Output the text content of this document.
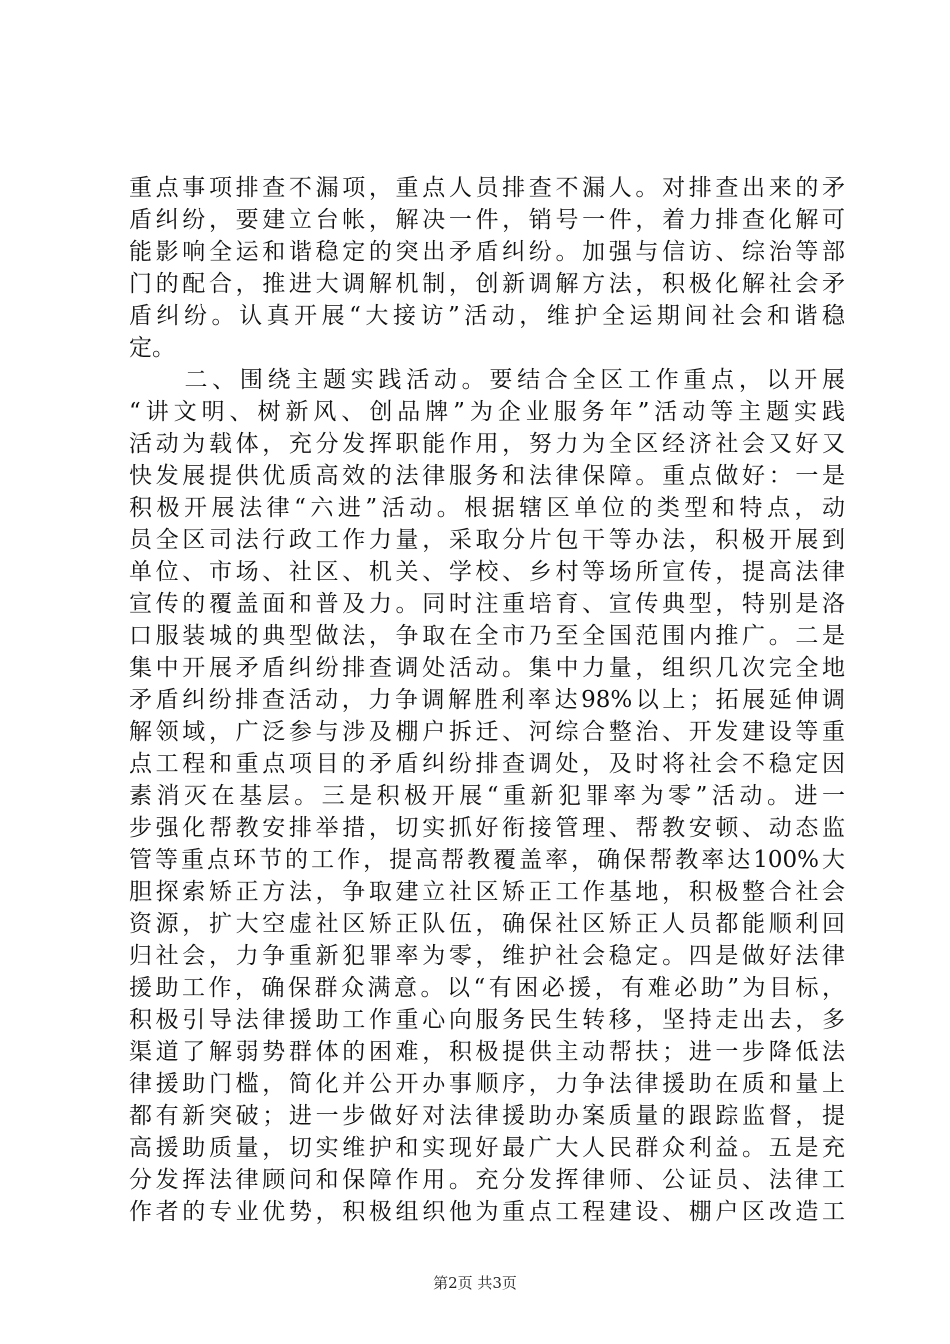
重点事项排查不漏项，重点人员排查不漏人。对排查出来的矛
盾纠纷，要建立台帐，解决一件，销号一件，着力排查化解可
能影响全运和谐稳定的突出矛盾纠纷。加强与信访、综治等部
门的配合，推进大调解机制，创新调解方法，积极化解社会矛
盾纠纷。认真开展“大接访”活动，维护全运期间社会和谐稳
定。
　　二、围绕主题实践活动。要结合全区工作重点，以开展
“讲文明、树新风、创品牌”为企业服务年”活动等主题实践
活动为载体，充分发挥职能作用，努力为全区经济社会又好又
快发展提供优质高效的法律服务和法律保障。重点做好：一是
积极开展法律“六进”活动。根据辖区单位的类型和特点，动
员全区司法行政工作力量，采取分片包干等办法，积极开展到
单位、市场、社区、机关、学校、乡村等场所宣传，提高法律
宣传的覆盖面和普及力。同时注重培育、宣传典型，特别是洛
口服装城的典型做法，争取在全市乃至全国范围内推广。二是
集中开展矛盾纠纷排查调处活动。集中力量，组织几次完全地
矛盾纠纷排查活动，力争调解胜利率达98%以上；拓展延伸调
解领域，广泛参与涉及棚户拆迁、河综合整治、开发建设等重
点工程和重点项目的矛盾纠纷排查调处，及时将社会不稳定因
素消灭在基层。三是积极开展“重新犯罪率为零”活动。进一
步强化帮教安排举措，切实抓好衔接管理、帮教安顿、动态监
管等重点环节的工作，提高帮教覆盖率，确保帮教率达100%大
胆探索矫正方法，争取建立社区矫正工作基地，积极整合社会
资源，扩大空虚社区矫正队伍，确保社区矫正人员都能顺利回
归社会，力争重新犯罪率为零，维护社会稳定。四是做好法律
援助工作，确保群众满意。以“有困必援，有难必助”为目标，
积极引导法律援助工作重心向服务民生转移，坚持走出去，多
渠道了解弱势群体的困难，积极提供主动帮扶；进一步降低法
律援助门槛，简化并公开办事顺序，力争法律援助在质和量上
都有新突破；进一步做好对法律援助办案质量的跟踪监督，提
高援助质量，切实维护和实现好最广大人民群众利益。五是充
分发挥法律顾问和保障作用。充分发挥律师、公证员、法律工
作者的专业优势，积极组织他为重点工程建设、棚户区改造工
第2页 共3页
